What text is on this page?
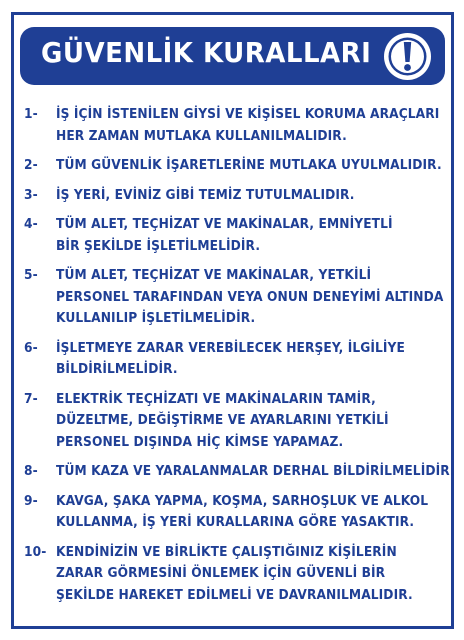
GÜVENLİK KURALLARI
1- İŞ İÇİN İSTENİLEN GİYSİ VE KİŞİSEL KORUMA ARAÇLARI
HER ZAMAN MUTLAKA KULLANILMALIDIR.
2- TÜM GÜVENLİK İŞARETLERİNE MUTLAKA UYULMALIDIR.
3- İŞ YERİ, EVİNİZ GİBİ TEMİZ TUTULMALIDIR.
4- TÜM ALET, TEÇHİZAT VE MAKİNALAR, EMNİYETLİ
BİR ŞEKİLDE İŞLETİLMELİDİR.
5- TÜM ALET, TEÇHİZAT VE MAKİNALAR, YETKİLİ
PERSONEL TARAFINDAN VEYA ONUN DENEYİMİ ALTINDA
KULLANILIP İŞLETİLMELİDİR.
6- İŞLETMEYE ZARAR VEREBİLECEK HERŞEY, İLGİLİYE
BİLDİRİLMELİDİR.
7- ELEKTRİK TEÇHİZATI VE MAKİNALARIN TAMİR,
DÜZELTME, DEĞİŞTİRME VE AYARLARINI YETKİLİ
PERSONEL DIŞINDA HİÇ KİMSE YAPAMAZ.
8- TÜM KAZA VE YARALANMALAR DERHAL BİLDİRİLMELİDİR.
9- KAVGA, ŞAKA YAPMA, KOŞMA, SARHOŞLUK VE ALKOL
KULLANMA, İŞ YERİ KURALLARINA GÖRE YASAKTIR.
10- KENDİNİZİN VE BİRLİKTE ÇALIŞTIĞINIZ KİŞİLERİN
ZARAR GÖRMESİNİ ÖNLEMEK İÇİN GÜVENLİ BİR
ŞEKİLDE HAREKET EDİLMELİ VE DAVRANILMALIDIR.
